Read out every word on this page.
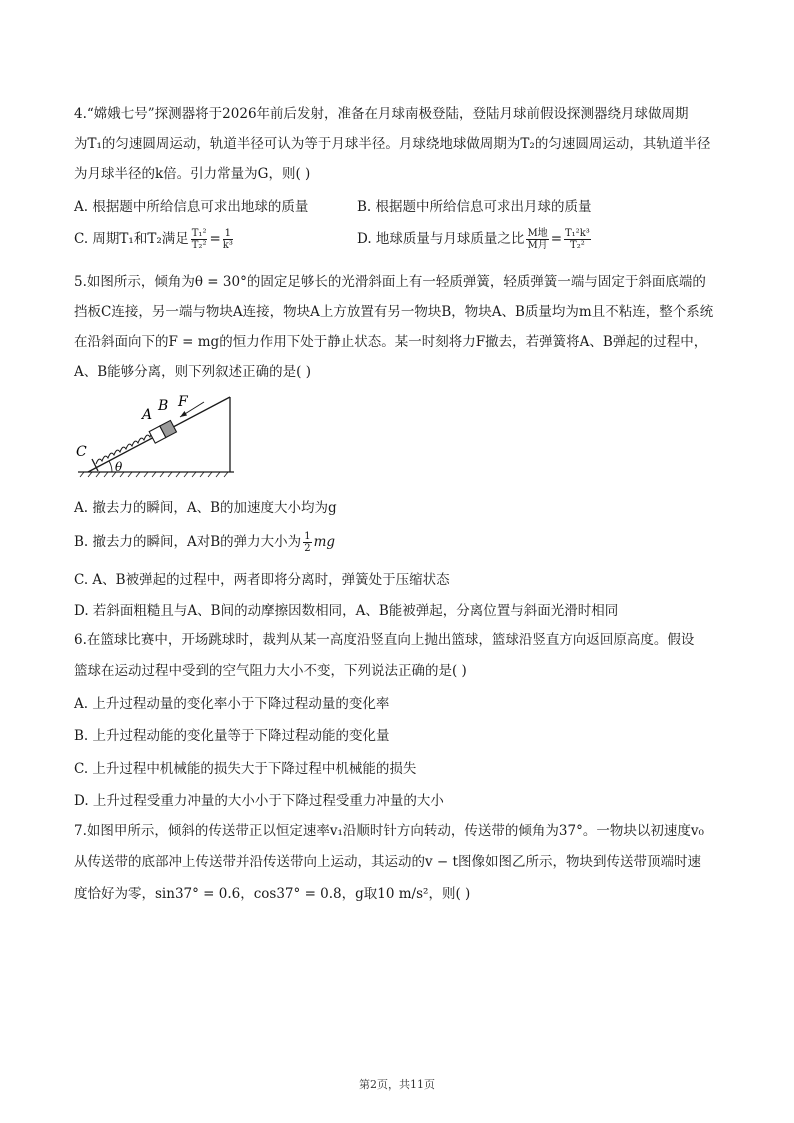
4.“嫦娥七号”探测器将于2026年前后发射，准备在月球南极登陆，登陆月球前假设探测器绕月球做周期
为T₁的匀速圆周运动，轨道半径可认为等于月球半径。月球绕地球做周期为T₂的匀速圆周运动，其轨道半径
为月球半径的k倍。引力常量为G，则( )
A. 根据题中所给信息可求出地球的质量	B. 根据题中所给信息可求出月球的质量
C. 周期T₁和T₂满足 $\frac{\text{T₁²}}{\text{T₂²}} = \frac{1}{\text{k³}}$	D. 地球质量与月球质量之比 $\frac{\text{M地}}{\text{M月}} = \frac{\text{T₁²k³}}{\text{T₂²}}$
5.如图所示，倾角为θ = 30°的固定足够长的光滑斜面上有一轻质弹簧，轻质弹簧一端与固定于斜面底端的
挡板C连接，另一端与物块A连接，物块A上方放置有另一物块B，物块A、B质量均为m且不粘连，整个系统
在沿斜面向下的F = mg的恒力作用下处于静止状态。某一时刻将力F撤去，若弹簧将A、B弹起的过程中，
A、B能够分离，则下列叙述正确的是( )
A
B F
C
θ
A. 撤去力的瞬间，A、B的加速度大小均为g
B. 撤去力的瞬间，A对B的弹力大小为 $\frac{1}{2}$ mg
C. A、B被弹起的过程中，两者即将分离时，弹簧处于压缩状态
D. 若斜面粗糙且与A、B间的动摩擦因数相同，A、B能被弹起，分离位置与斜面光滑时相同
6.在篮球比赛中，开场跳球时，裁判从某一高度沿竖直向上抛出篮球，篮球沿竖直方向返回原高度。假设
篮球在运动过程中受到的空气阻力大小不变，下列说法正确的是( )
A. 上升过程动量的变化率小于下降过程动量的变化率
B. 上升过程动能的变化量等于下降过程动能的变化量
C. 上升过程中机械能的损失大于下降过程中机械能的损失
D. 上升过程受重力冲量的大小小于下降过程受重力冲量的大小
7.如图甲所示，倾斜的传送带正以恒定速率v₁沿顺时针方向转动，传送带的倾角为37°。一物块以初速度v₀
从传送带的底部冲上传送带并沿传送带向上运动，其运动的v − t图像如图乙所示，物块到传送带顶端时速
度恰好为零，sin37° = 0.6，cos37° = 0.8，g取10 m/s²，则( )
第2页，共11页
